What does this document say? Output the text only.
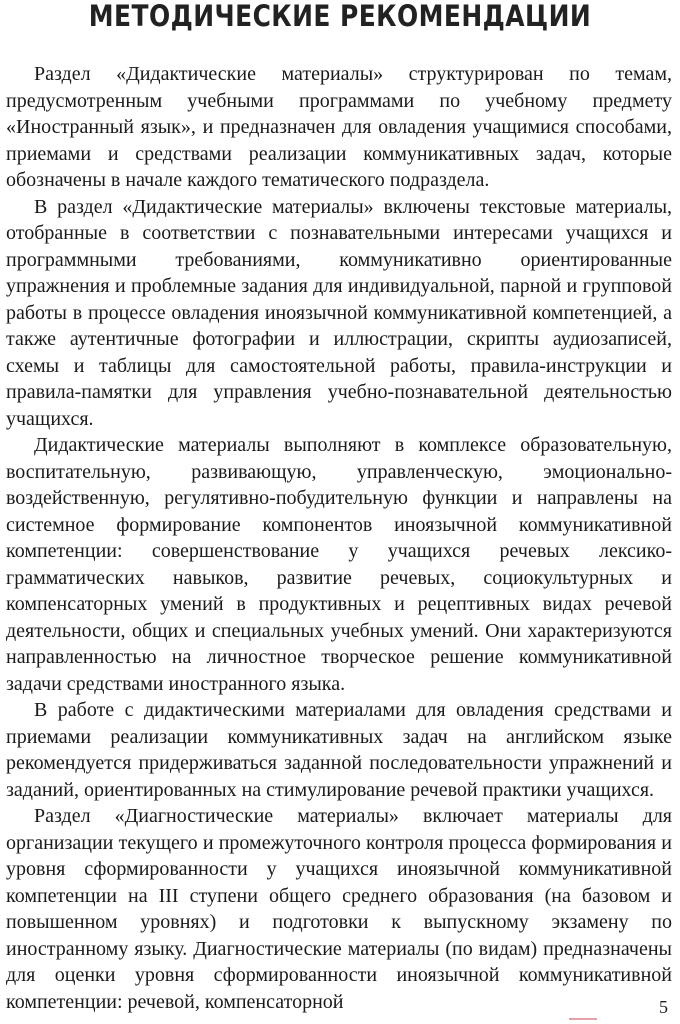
МЕТОДИЧЕСКИЕ РЕКОМЕНДАЦИИ

Раздел «Дидактические материалы» структурирован по темам, предусмотренным учебными программами по учебному предмету «Иностранный язык», и предназначен для овладения учащимися способами, приемами и средствами реализации коммуникативных задач, которые обозначены в начале каждого тематического подраздела.

В раздел «Дидактические материалы» включены текстовые материалы, отобранные в соответствии с познавательными интересами учащихся и программными требованиями, коммуникативно ориентированные упражнения и проблемные задания для индивидуальной, парной и групповой работы в процессе овладения иноязычной коммуникативной компетенцией, а также аутентичные фотографии и иллюстрации, скрипты аудиозаписей, схемы и таблицы для самостоятельной работы, правила-инструкции и правила-памятки для управления учебно-познавательной деятельностью учащихся.

Дидактические материалы выполняют в комплексе образовательную, воспитательную, развивающую, управленческую, эмоционально-воздейственную, регулятивно-побудительную функции и направлены на системное формирование компонентов иноязычной коммуникативной компетенции: совершенствование у учащихся речевых лексико-грамматических навыков, развитие речевых, социокультурных и компенсаторных умений в продуктивных и рецептивных видах речевой деятельности, общих и специальных учебных умений. Они характеризуются направленностью на личностное творческое решение коммуникативной задачи средствами иностранного языка.

В работе с дидактическими материалами для овладения средствами и приемами реализации коммуникативных задач на английском языке рекомендуется придерживаться заданной последовательности упражнений и заданий, ориентированных на стимулирование речевой практики учащихся.

Раздел «Диагностические материалы» включает материалы для организации текущего и промежуточного контроля процесса формирования и уровня сформированности у учащихся иноязычной коммуникативной компетенции на III ступени общего среднего образования (на базовом и повышенном уровнях) и подготовки к выпускному экзамену по иностранному языку. Диагностические материалы (по видам) предназначены для оценки уровня сформированности иноязычной коммуникативной компетенции: речевой, компенсаторной	5
